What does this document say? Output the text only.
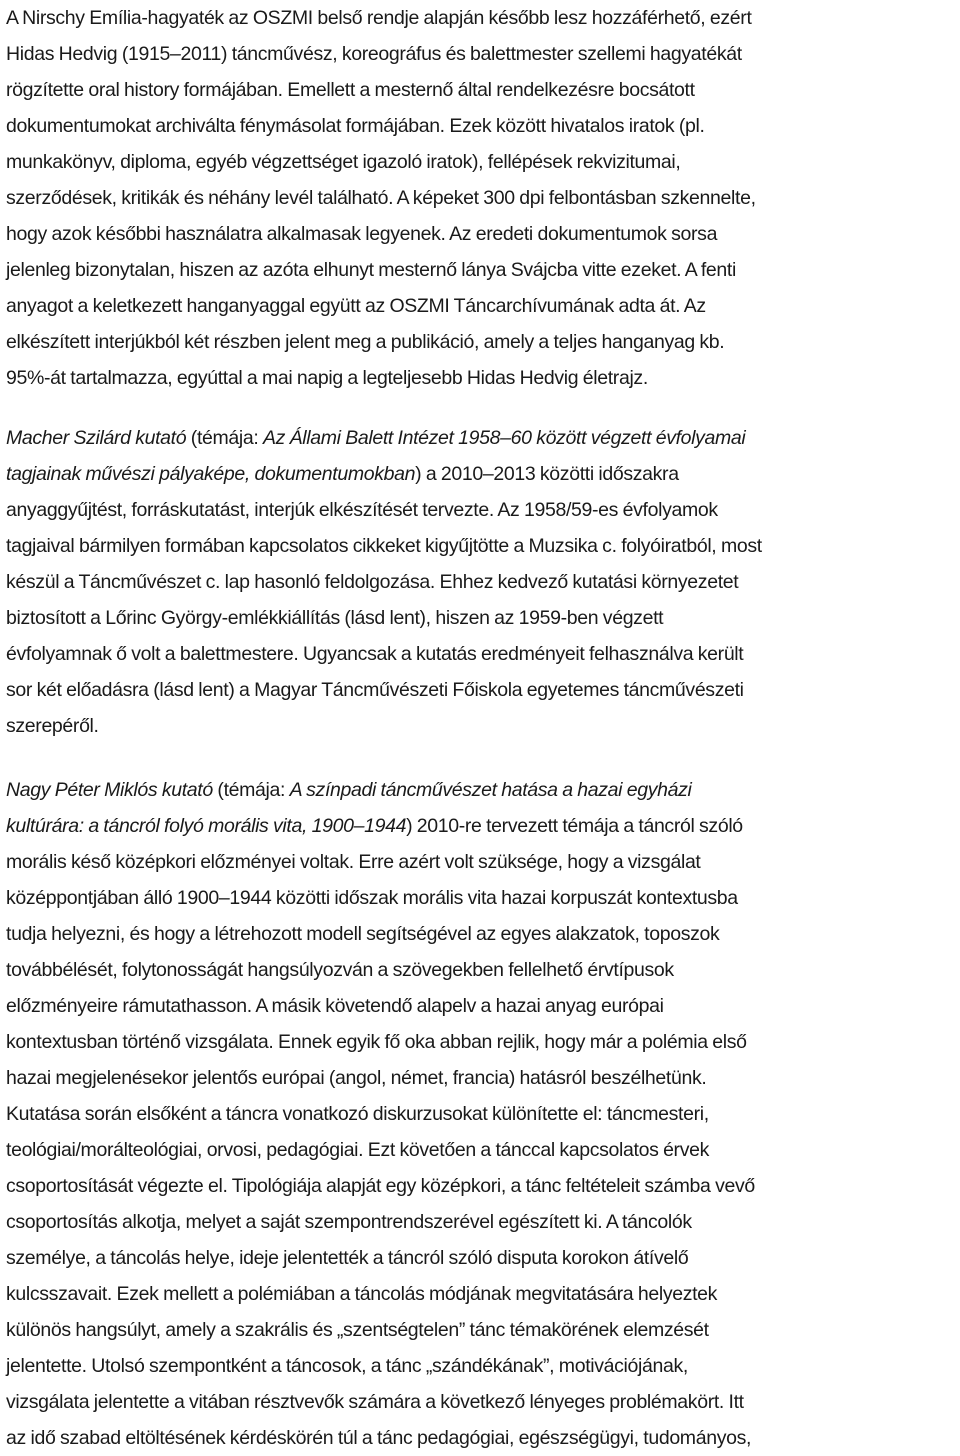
A Nirschy Emília-hagyaték az OSZMI belső rendje alapján később lesz hozzáférhető, ezért
Hidas Hedvig (1915–2011) táncművész, koreográfus és balettmester szellemi hagyatékát
rögzítette oral history formájában. Emellett a mesternő által rendelkezésre bocsátott
dokumentumokat archiválta fénymásolat formájában. Ezek között hivatalos iratok (pl.
munkakönyv, diploma, egyéb végzettséget igazoló iratok), fellépések rekvizitumai,
szerződések, kritikák és néhány levél található. A képeket 300 dpi felbontásban szkennelte,
hogy azok későbbi használatra alkalmasak legyenek. Az eredeti dokumentumok sorsa
jelenleg bizonytalan, hiszen az azóta elhunyt mesternő lánya Svájcba vitte ezeket. A fenti
anyagot a keletkezett hanganyaggal együtt az OSZMI Táncarchívumának adta át. Az
elkészített interjúkból két részben jelent meg a publikáció, amely a teljes hanganyag kb.
95%-át tartalmazza, egyúttal a mai napig a legteljesebb Hidas Hedvig életrajz.
Macher Szilárd kutató (témája: Az Állami Balett Intézet 1958–60 között végzett évfolyamai
tagjainak művészi pályaképe, dokumentumokban) a 2010–2013 közötti időszakra
anyaggyűjtést, forráskutatást, interjúk elkészítését tervezte. Az 1958/59-es évfolyamok
tagjaival bármilyen formában kapcsolatos cikkeket kigyűjtötte a Muzsika c. folyóiratból, most
készül a Táncművészet c. lap hasonló feldolgozása. Ehhez kedvező kutatási környezetet
biztosított a Lőrinc György-emlékkiállítás (lásd lent), hiszen az 1959-ben végzett
évfolyamnak ő volt a balettmestere. Ugyancsak a kutatás eredményeit felhasználva került
sor két előadásra (lásd lent) a Magyar Táncművészeti Főiskola egyetemes táncművészeti
szerepéről.
Nagy Péter Miklós kutató (témája: A színpadi táncművészet hatása a hazai egyházi
kultúrára: a táncról folyó morális vita, 1900–1944) 2010-re tervezett témája a táncról szóló
morális késő középkori előzményei voltak. Erre azért volt szüksége, hogy a vizsgálat
középpontjában álló 1900–1944 közötti időszak morális vita hazai korpuszát kontextusba
tudja helyezni, és hogy a létrehozott modell segítségével az egyes alakzatok, toposzok
továbbélését, folytonosságát hangsúlyozván a szövegekben fellelhető érvtípusok
előzményeire rámutathasson. A másik követendő alapelv a hazai anyag európai
kontextusban történő vizsgálata. Ennek egyik fő oka abban rejlik, hogy már a polémia első
hazai megjelenésekor jelentős európai (angol, német, francia) hatásról beszélhetünk.
Kutatása során elsőként a táncra vonatkozó diskurzusokat különítette el: táncmesteri,
teológiai/morálteológiai, orvosi, pedagógiai. Ezt követően a tánccal kapcsolatos érvek
csoportosítását végezte el. Tipológiája alapját egy középkori, a tánc feltételeit számba vevő
csoportosítás alkotja, melyet a saját szempontrendszerével egészített ki. A táncolók
személye, a táncolás helye, ideje jelentették a táncról szóló disputa korokon átívelő
kulcsszavait. Ezek mellett a polémiában a táncolás módjának megvitatására helyeztek
különös hangsúlyt, amely a szakrális és „szentségtelen” tánc témakörének elemzését
jelentette. Utolsó szempontként a táncosok, a tánc „szándékának”, motivációjának,
vizsgálata jelentette a vitában résztvevők számára a következő lényeges problémakört. Itt
az idő szabad eltöltésének kérdéskörén túl a tánc pedagógiai, egészségügyi, tudományos,
